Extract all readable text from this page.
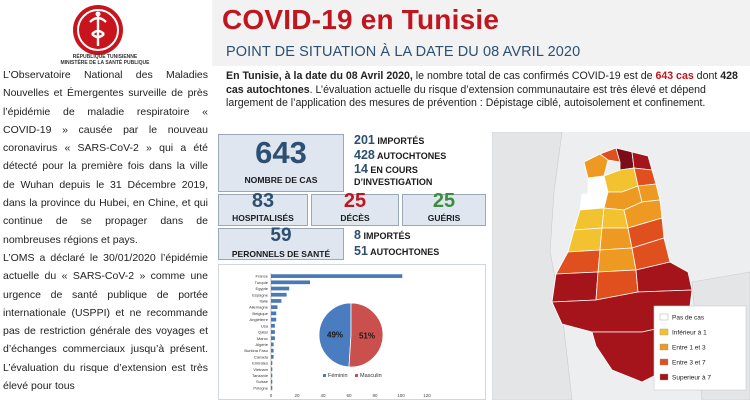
RÉPUBLIQUE TUNISIENNE
MINISTÈRE DE LA SANTÉ PUBLIQUE

L’Observatoire National des Maladies Nouvelles et Émergentes surveille de près l’épidémie de maladie respiratoire « COVID-19 » causée par le nouveau coronavirus « SARS-CoV-2 » qui a été détecté pour la première fois dans la ville de Wuhan depuis le 31 Décembre 2019, dans la province du Hubei, en Chine, et qui continue de se propager dans de nombreuses régions et pays.

L’OMS a déclaré le 30/01/2020 l’épidémie actuelle du « SARS-CoV-2 » comme une urgence de santé publique de portée internationale (USPPI) et ne recommande pas de restriction générale des voyages et d’échanges commerciaux jusqu’à présent. L’évaluation du risque d’extension est très élevé pour tous

COVID-19 en Tunisie
POINT DE SITUATION À LA DATE DU 08 AVRIL 2020
En Tunisie, à la date du 08 Avril 2020, le nombre total de cas confirmés COVID-19 est de 643 cas dont 428 cas autochtones. L’évaluation actuelle du risque d’extension communautaire est très élevé et dépend largement de l’application des mesures de prévention : Dépistage ciblé, autoisolement et confinement.
643
NOMBRE DE CAS
201 IMPORTÉS
428 AUTOCHTONES
14 EN COURS
D’INVESTIGATION
83
HOSPITALISÉS
25
DÉCÈS
25
GUÉRIS
59
PERONNELS DE SANTÉ
8 IMPORTÉS
51 AUTOCHTONES
France
Turquie
Egypte
Espagne
Italie
Allemagne
Belgique
Angleterre
Usa
Qatar
Maroc
Algérie
Burkina Faso
Canada
Emirates
Vietnam
Tanzanie
Suisse
Pologne
0	20	40	60	80	100	120
49% 51%
Féminin Masculin
Pas de cas
Inférieur à 1
Entre 1 et 3
Entre 3 et 7
Superieur à 7
